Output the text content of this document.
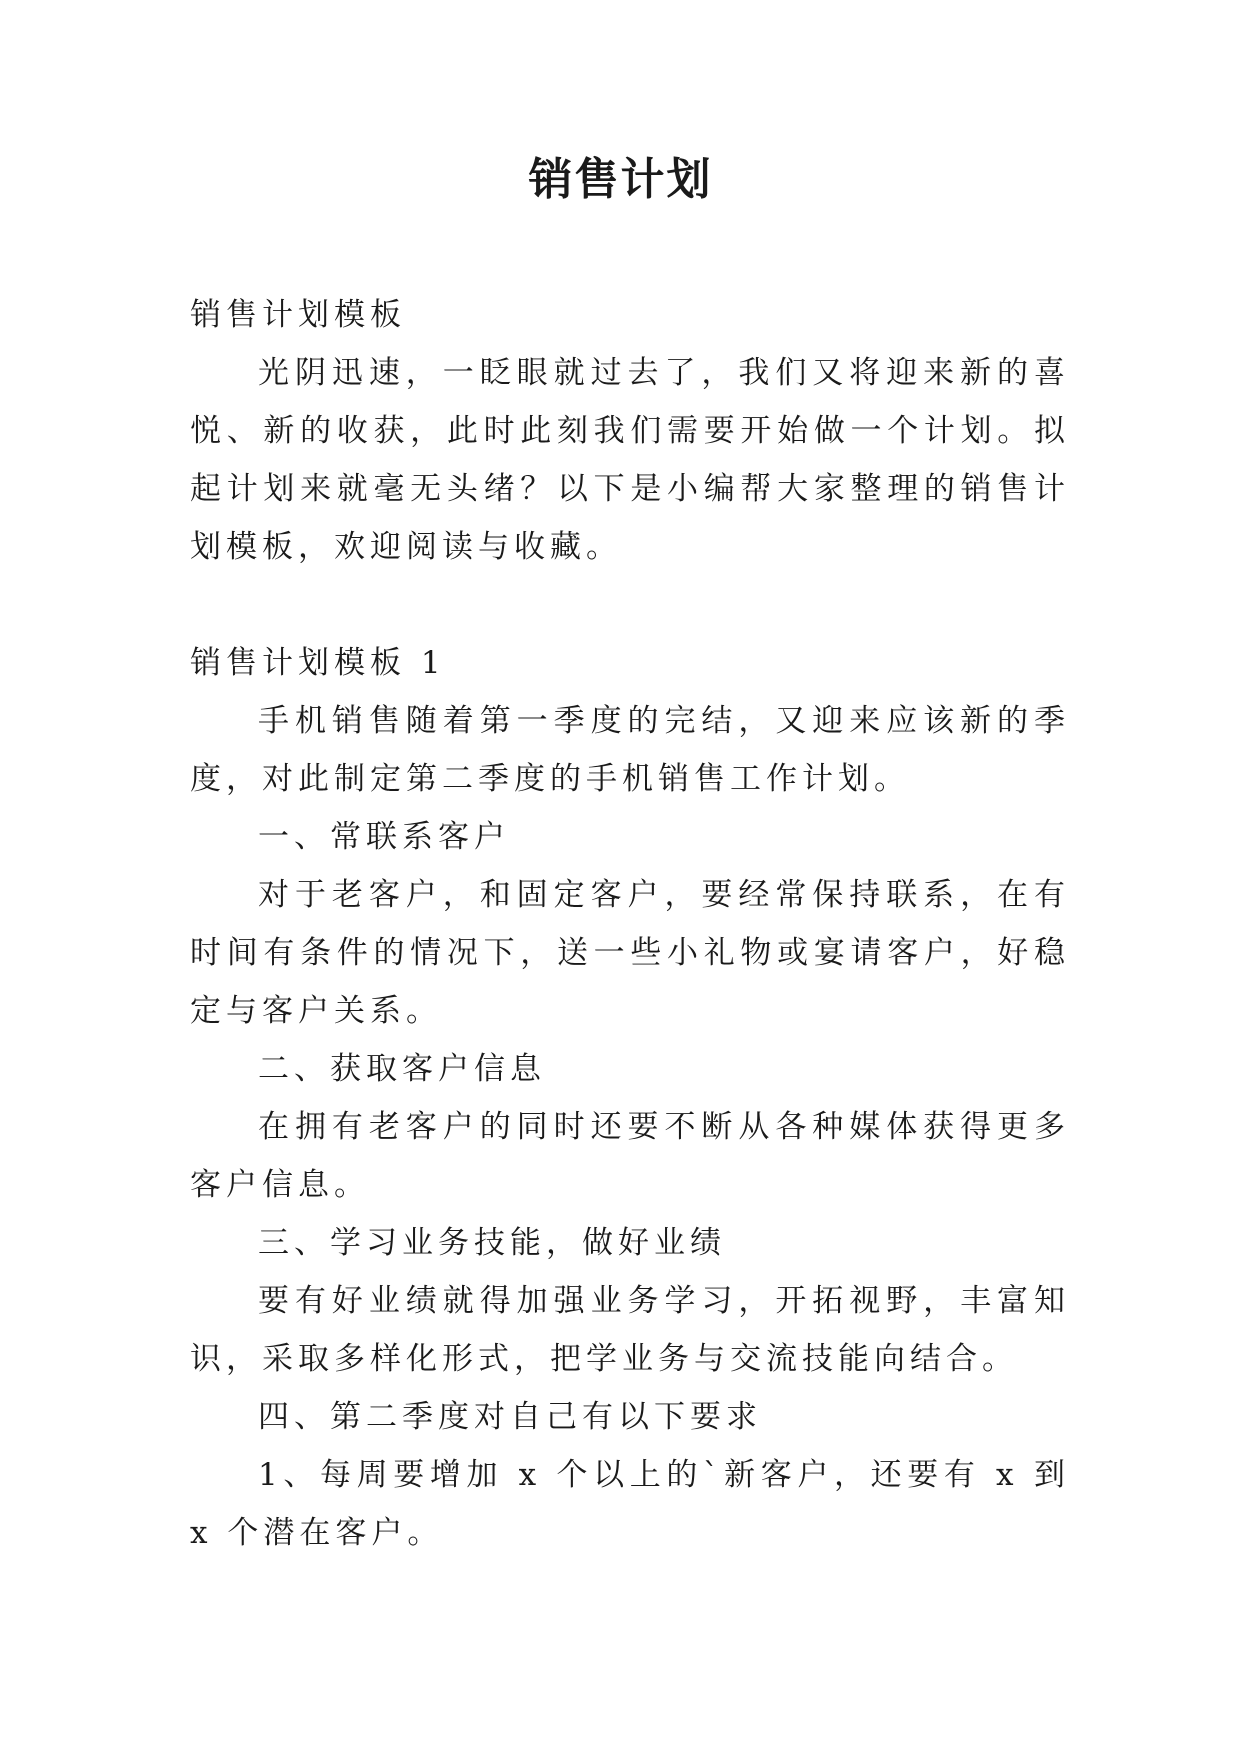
销售计划

销售计划模板

光阴迅速，一眨眼就过去了，我们又将迎来新的喜悦、新的收获，此时此刻我们需要开始做一个计划。拟起计划来就毫无头绪？以下是小编帮大家整理的销售计划模板，欢迎阅读与收藏。

销售计划模板 1

手机销售随着第一季度的完结，又迎来应该新的季度，对此制定第二季度的手机销售工作计划。

一、常联系客户

对于老客户，和固定客户，要经常保持联系，在有时间有条件的情况下，送一些小礼物或宴请客户，好稳定与客户关系。

二、获取客户信息

在拥有老客户的同时还要不断从各种媒体获得更多客户信息。

三、学习业务技能，做好业绩

要有好业绩就得加强业务学习，开拓视野，丰富知识，采取多样化形式，把学业务与交流技能向结合。

四、第二季度对自己有以下要求

1、每周要增加 x 个以上的`新客户，还要有 x 到 x 个潜在客户。
